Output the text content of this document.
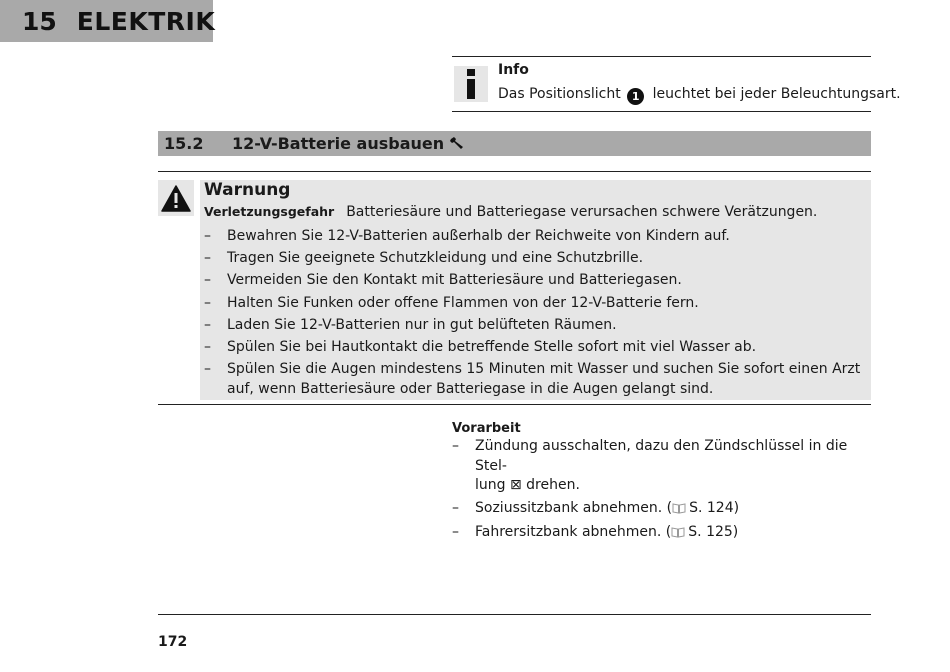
15 ELEKTRIK
Info
Das Positionslicht 1 leuchtet bei jeder Beleuchtungsart.
15.2	12-V-Batterie ausbauen
Warnung
Verletzungsgefahr Batteriesäure und Batteriegase verursachen schwere Verätzungen.
–	Bewahren Sie 12-V-Batterien außerhalb der Reichweite von Kindern auf.
–	Tragen Sie geeignete Schutzkleidung und eine Schutzbrille.
–	Vermeiden Sie den Kontakt mit Batteriesäure und Batteriegasen.
–	Halten Sie Funken oder offene Flammen von der 12-V-Batterie fern.
–	Laden Sie 12-V-Batterien nur in gut belüfteten Räumen.
–	Spülen Sie bei Hautkontakt die betreffende Stelle sofort mit viel Wasser ab.
–	Spülen Sie die Augen mindestens 15 Minuten mit Wasser und suchen Sie sofort einen Arzt auf, wenn Batteriesäure oder Batteriegase in die Augen gelangt sind.
Vorarbeit
–	Zündung ausschalten, dazu den Zündschlüssel in die Stel-
lung ⊠ drehen.
–	Soziussitzbank abnehmen. ( S. 124)
–	Fahrersitzbank abnehmen. ( S. 125)
172
